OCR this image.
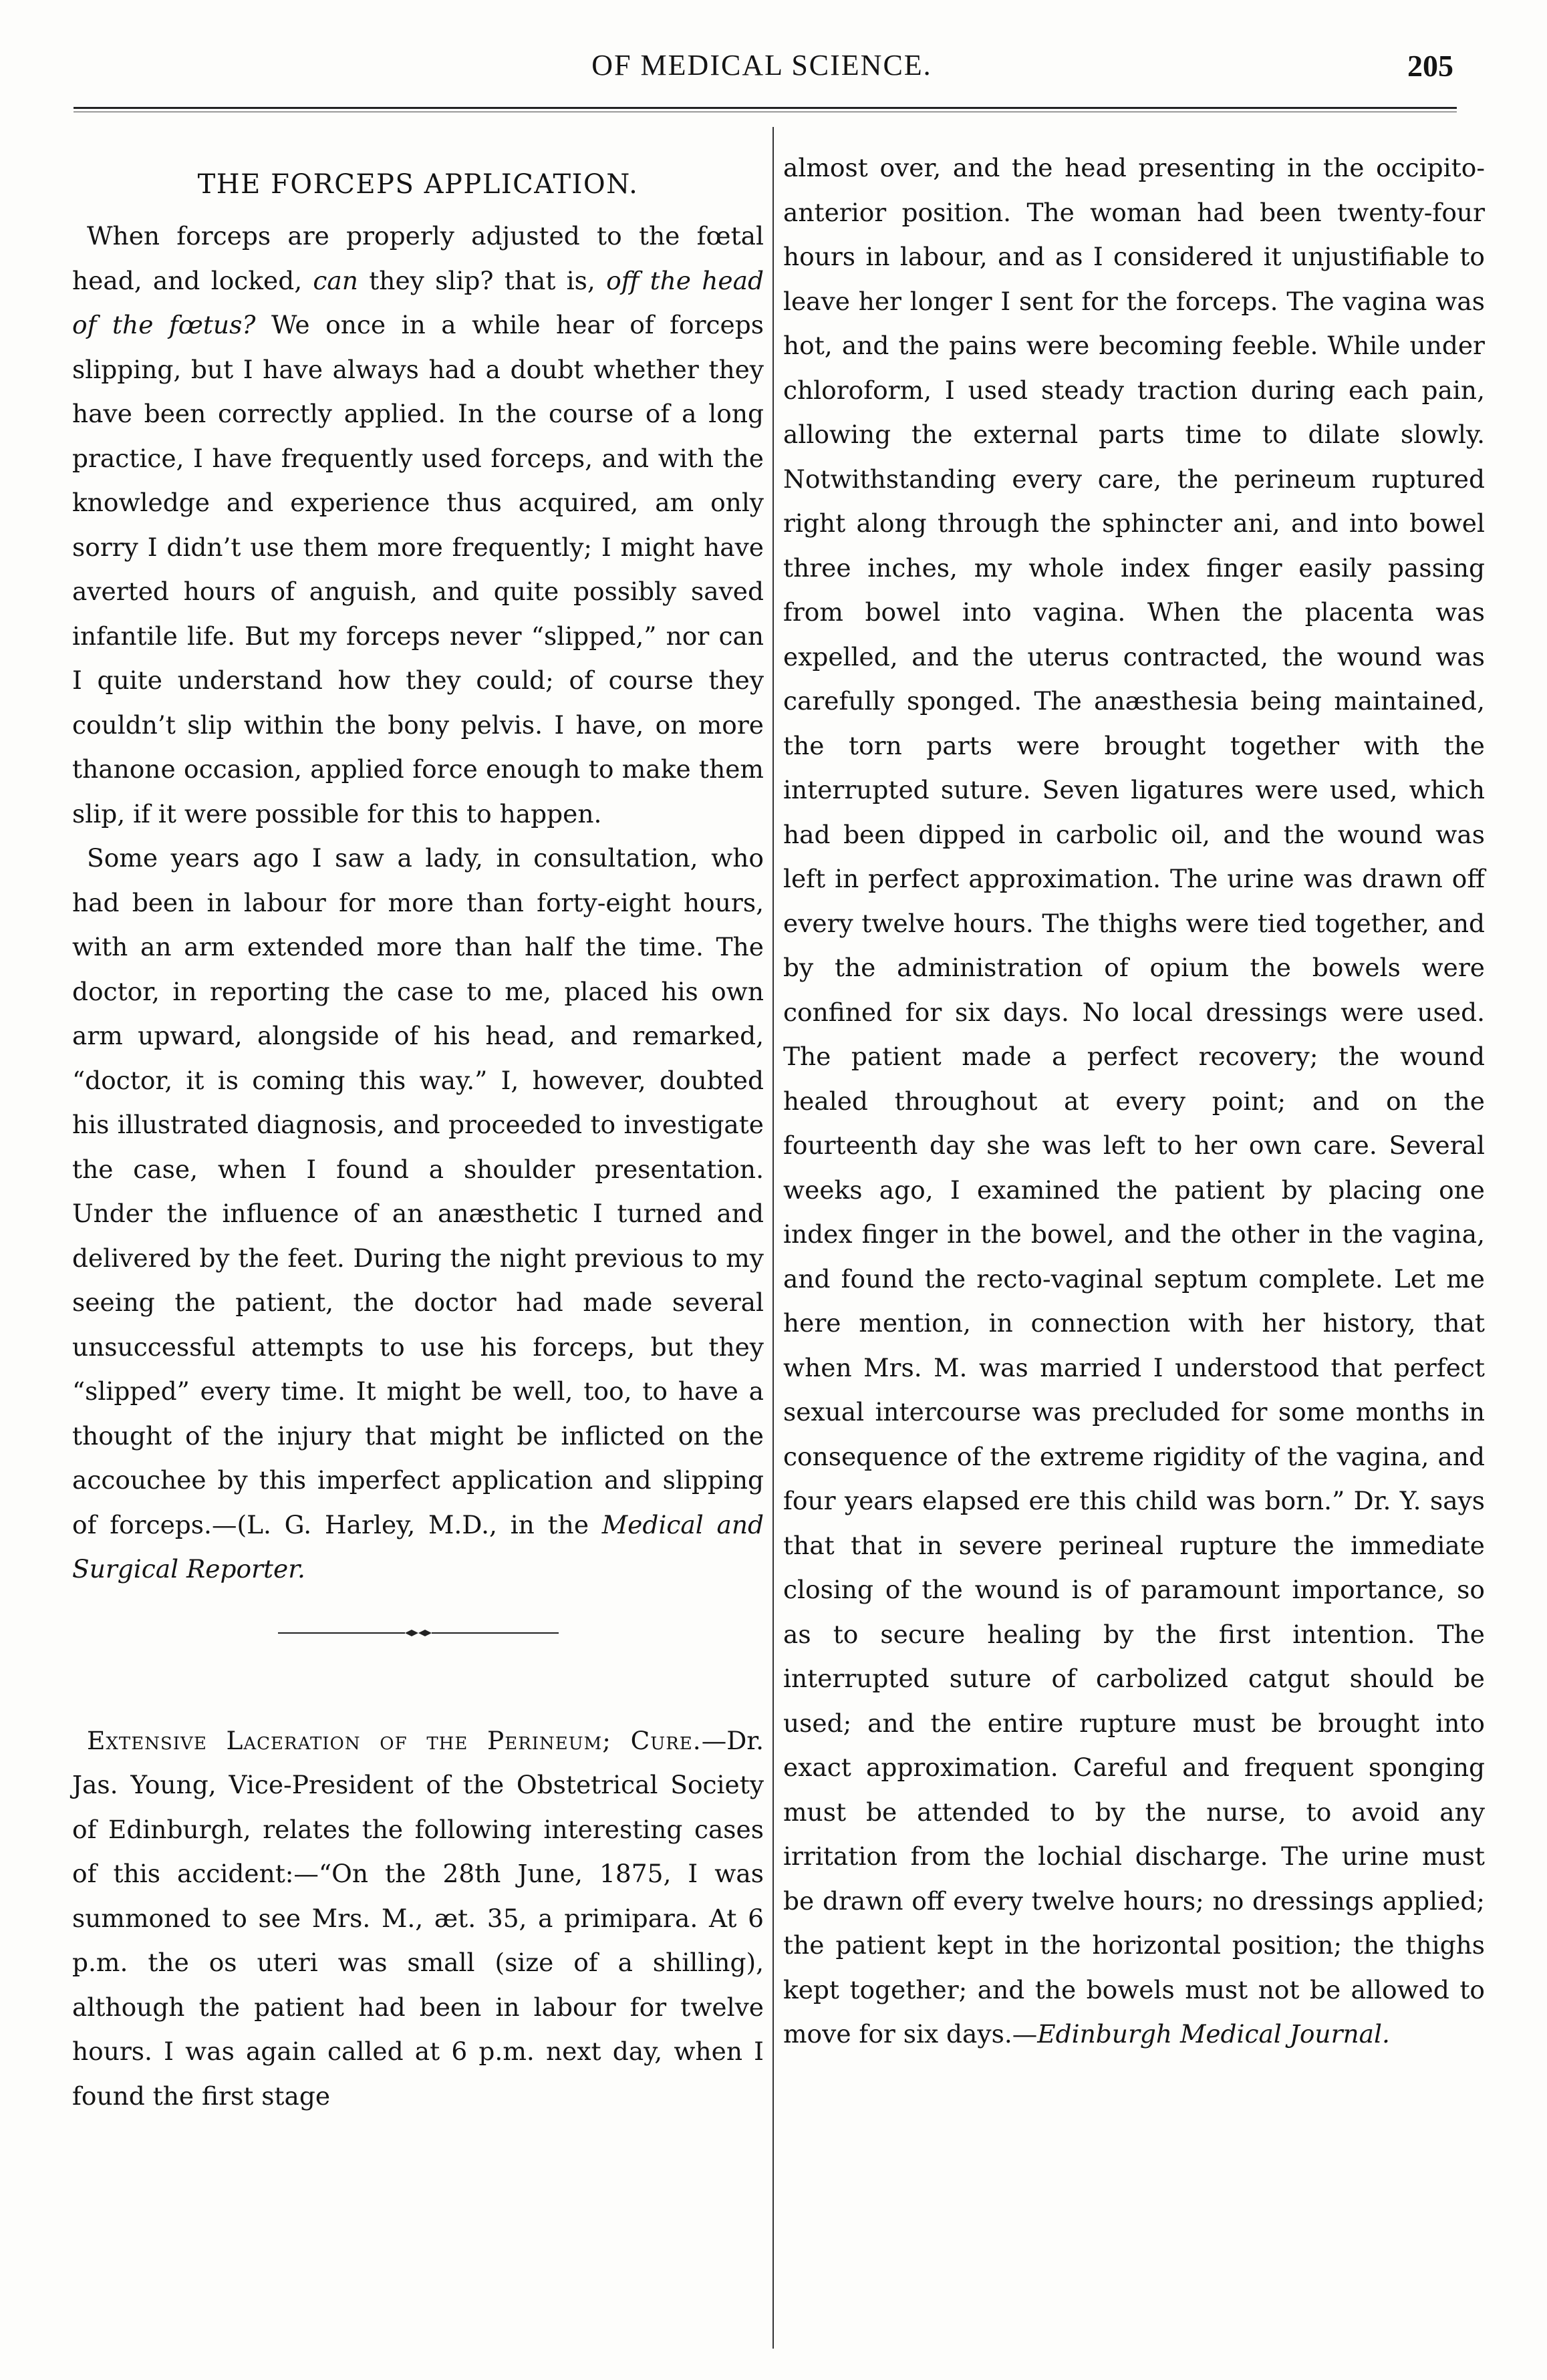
OF MEDICAL SCIENCE.	205
THE FORCEPS APPLICATION.

When forceps are properly adjusted to the fœtal head, and locked, can they slip? that is, off the head of the fœtus? We once in a while hear of forceps slipping, but I have always had a doubt whether they have been correctly applied. In the course of a long practice, I have frequently used forceps, and with the knowledge and experience thus acquired, am only sorry I didn’t use them more frequently; I might have averted hours of anguish, and quite possibly saved infantile life. But my forceps never “slipped,” nor can I quite understand how they could; of course they couldn’t slip within the bony pelvis. I have, on more thanone occasion, applied force enough to make them slip, if it were possible for this to happen.

Some years ago I saw a lady, in consultation, who had been in labour for more than forty-eight hours, with an arm extended more than half the time. The doctor, in reporting the case to me, placed his own arm upward, alongside of his head, and remarked, “doctor, it is coming this way.” I, however, doubted his illustrated diagnosis, and proceeded to investigate the case, when I found a shoulder presentation. Under the influence of an anæsthetic I turned and delivered by the feet. During the night previous to my seeing the patient, the doctor had made several unsuccessful attempts to use his forceps, but they “slipped” every time. It might be well, too, to have a thought of the injury that might be inflicted on the accouchee by this imperfect application and slipping of forceps.—(L. G. Harley, M.D., in the Medical and Surgical Reporter.

Extensive Laceration of the Perineum; Cure.—Dr. Jas. Young, Vice-President of the Obstetrical Society of Edinburgh, relates the following interesting cases of this accident:—“On the 28th June, 1875, I was summoned to see Mrs. M., æt. 35, a primipara. At 6 p.m. the os uteri was small (size of a shilling), although the patient had been in labour for twelve hours. I was again called at 6 p.m. next day, when I found the first stage

almost over, and the head presenting in the occipito-anterior position. The woman had been twenty-four hours in labour, and as I considered it unjustifiable to leave her longer I sent for the forceps. The vagina was hot, and the pains were becoming feeble. While under chloroform, I used steady traction during each pain, allowing the external parts time to dilate slowly. Notwithstanding every care, the perineum ruptured right along through the sphincter ani, and into bowel three inches, my whole index finger easily passing from bowel into vagina. When the placenta was expelled, and the uterus contracted, the wound was carefully sponged. The anæsthesia being maintained, the torn parts were brought together with the interrupted suture. Seven ligatures were used, which had been dipped in carbolic oil, and the wound was left in perfect approximation. The urine was drawn off every twelve hours. The thighs were tied together, and by the administration of opium the bowels were confined for six days. No local dressings were used. The patient made a perfect recovery; the wound healed throughout at every point; and on the fourteenth day she was left to her own care. Several weeks ago, I examined the patient by placing one index finger in the bowel, and the other in the vagina, and found the recto-vaginal septum complete. Let me here mention, in connection with her history, that when Mrs. M. was married I understood that perfect sexual intercourse was precluded for some months in consequence of the extreme rigidity of the vagina, and four years elapsed ere this child was born.” Dr. Y. says that that in severe perineal rupture the immediate closing of the wound is of paramount importance, so as to secure healing by the first intention. The interrupted suture of carbolized catgut should be used; and the entire rupture must be brought into exact approximation. Careful and frequent sponging must be attended to by the nurse, to avoid any irritation from the lochial discharge. The urine must be drawn off every twelve hours; no dressings applied; the patient kept in the horizontal position; the thighs kept together; and the bowels must not be allowed to move for six days.—Edinburgh Medical Journal.
